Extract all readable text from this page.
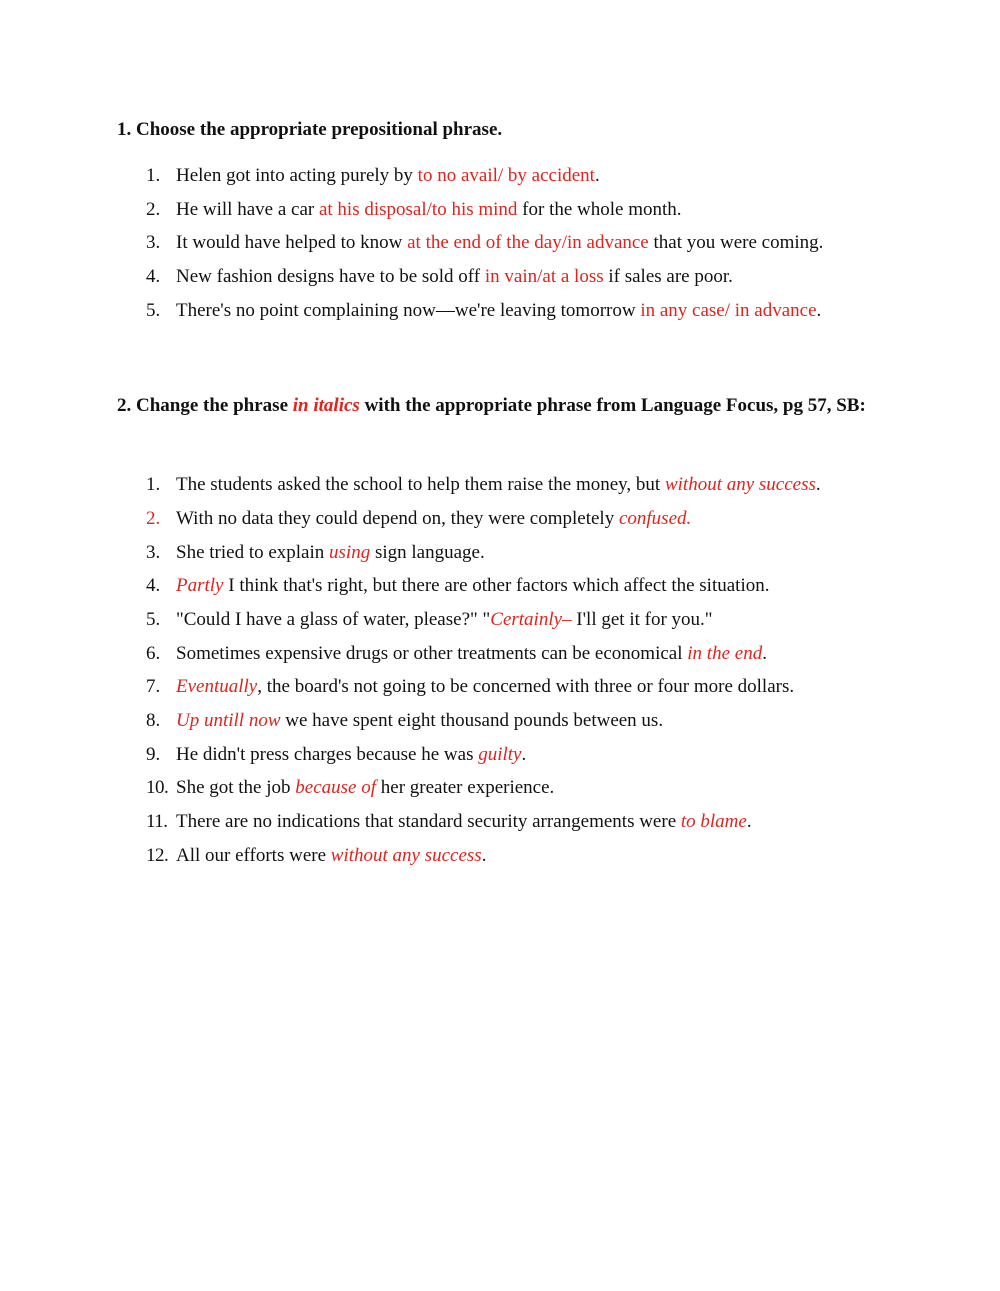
1. Choose the appropriate prepositional phrase.
1. Helen got into acting purely by to no avail/ by accident.
2. He will have a car at his disposal/to his mind for the whole month.
3. It would have helped to know at the end of the day/in advance that you were coming.
4. New fashion designs have to be sold off in vain/at a loss if sales are poor.
5. There's no point complaining now—we're leaving tomorrow in any case/ in advance.
2. Change the phrase in italics with the appropriate phrase from Language Focus, pg 57, SB:
1. The students asked the school to help them raise the money, but without any success.
2. With no data they could depend on, they were completely confused.
3. She tried to explain using sign language.
4. Partly I think that's right, but there are other factors which affect the situation.
5. "Could I have a glass of water, please?" "Certainly– I'll get it for you."
6. Sometimes expensive drugs or other treatments can be economical in the end.
7. Eventually, the board's not going to be concerned with three or four more dollars.
8. Up untill now we have spent eight thousand pounds between us.
9. He didn't press charges because he was guilty.
10. She got the job because of her greater experience.
11. There are no indications that standard security arrangements were to blame.
12. All our efforts were without any success.
